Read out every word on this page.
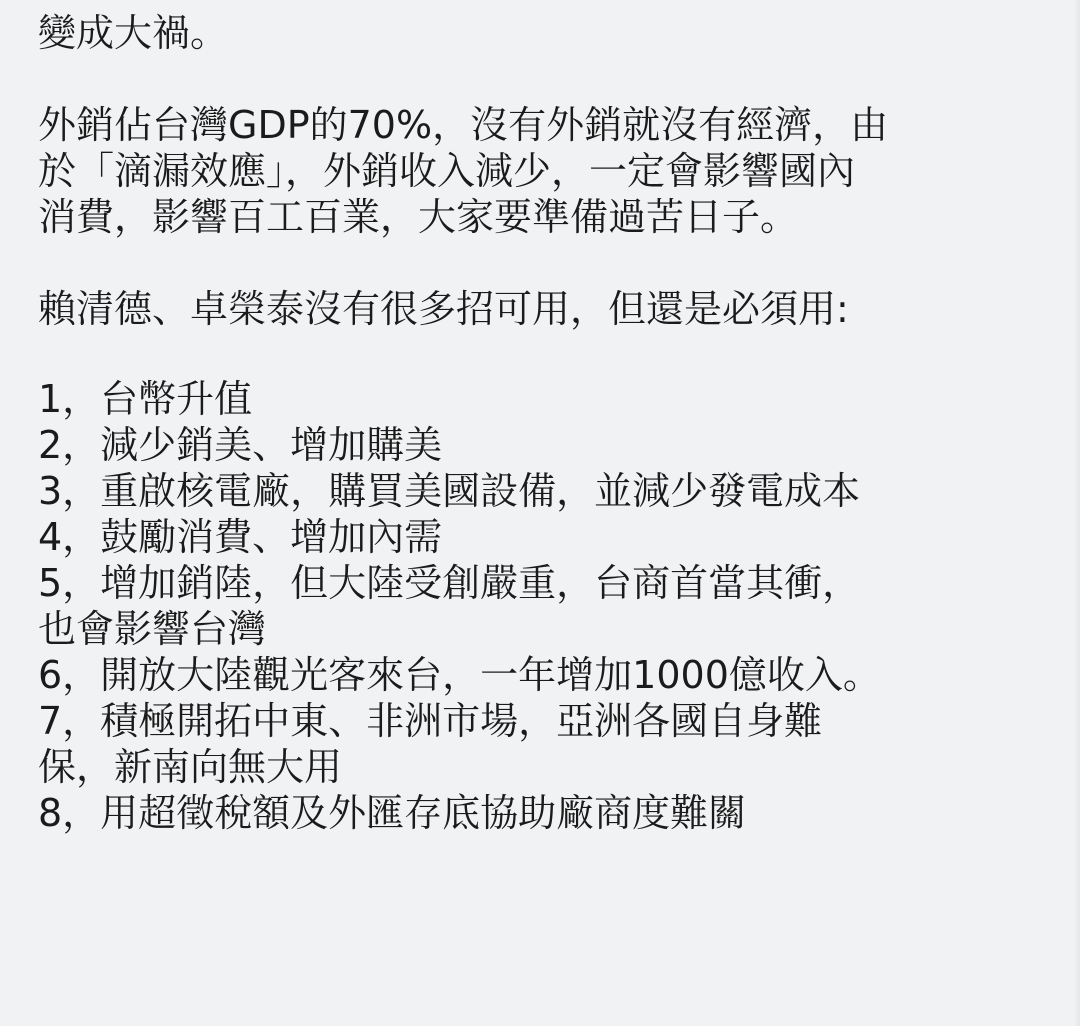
變成大禍。
外銷佔台灣GDP的70%，沒有外銷就沒有經濟，由
於「滴漏效應」，外銷收入減少，一定會影響國內
消費，影響百工百業，大家要準備過苦日子。
賴清德、卓榮泰沒有很多招可用，但還是必須用:
1，台幣升值
2，減少銷美、增加購美
3，重啟核電廠，購買美國設備，並減少發電成本
4，鼓勵消費、增加內需
5，增加銷陸，但大陸受創嚴重，台商首當其衝，
也會影響台灣
6，開放大陸觀光客來台，一年增加1000億收入。
7，積極開拓中東、非洲市場，亞洲各國自身難
保，新南向無大用
8，用超徵稅額及外匯存底協助廠商度難關
